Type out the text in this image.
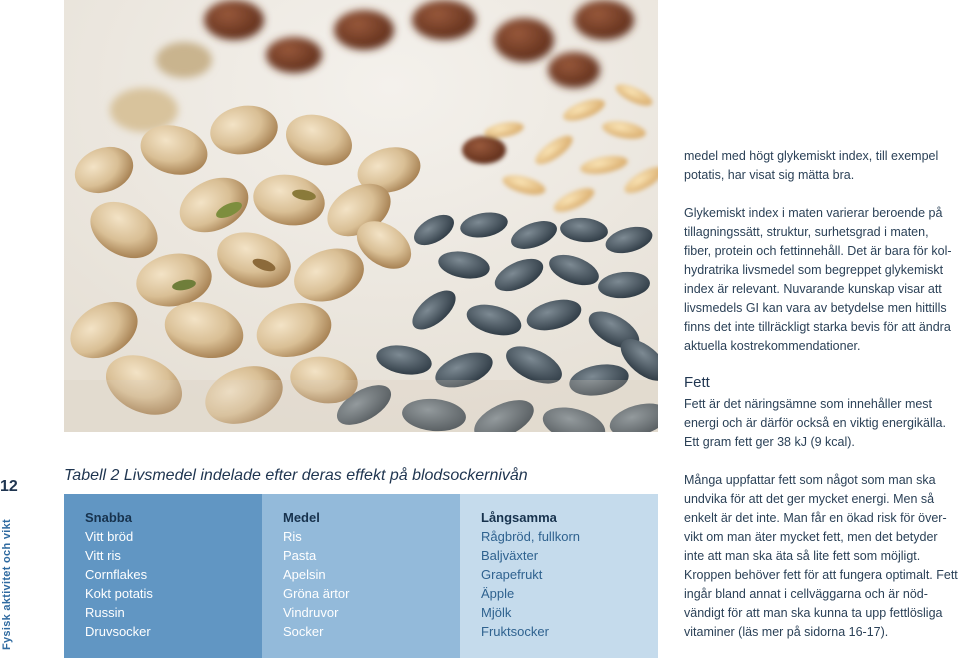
12
Fysisk aktivitet och vikt
Tabell 2 Livsmedel indelade efter deras effekt på blodsockernivån

Snabba

Vitt bröd
Vitt ris
Cornflakes
Kokt potatis
Russin
Druvsocker

Medel

Ris
Pasta
Apelsin
Gröna ärtor
Vindruvor
Socker

Långsamma

Rågbröd, fullkorn
Baljväxter
Grapefrukt
Äpple
Mjölk
Fruktsocker

medel med högt glykemiskt index, till exempel potatis, har visat sig mätta bra.

Glykemiskt index i maten varierar beroende på tillagningssätt, struktur, surhetsgrad i maten, fiber, protein och fettinnehåll. Det är bara för kolhydratrika livsmedel som begreppet glykemiskt index är relevant. Nuvarande kunskap visar att livsmedels GI kan vara av betydelse men hittills finns det inte tillräckligt starka bevis för att ändra aktuella kostrekommendationer.

Fett

Fett är det näringsämne som innehåller mest energi och är därför också en viktig energikälla. Ett gram fett ger 38 kJ (9 kcal).

Många uppfattar fett som något som man ska undvika för att det ger mycket energi. Men så enkelt är det inte. Man får en ökad risk för övervikt om man äter mycket fett, men det betyder inte att man ska äta så lite fett som möjligt. Kroppen behöver fett för att fungera optimalt. Fett ingår bland annat i cellväggarna och är nödvändigt för att man ska kunna ta upp fettlösliga vitaminer (läs mer på sidorna 16-17).
